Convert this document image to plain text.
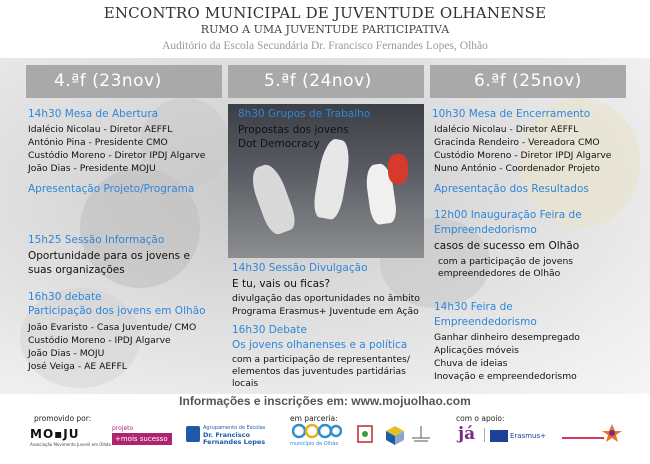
ENCONTRO MUNICIPAL DE JUVENTUDE OLHANENSE
RUMO A UMA JUVENTUDE PARTICIPATIVA
Auditório da Escola Secundária Dr. Francisco Fernandes Lopes, Olhão
4.ªf (23nov)	5.ªf (24nov)	6.ªf (25nov)
14h30 Mesa de Abertura
Idalécio Nicolau - Diretor AEFFL
António Pina - Presidente CMO
Custódio Moreno - Diretor IPDJ Algarve
João Dias - Presidente MOJU
Apresentação Projeto/Programa
15h25 Sessão Informação
Oportunidade para os jovens e
suas organizações
16h30 debate
Participação dos jovens em Olhão
João Evaristo - Casa Juventude/ CMO
Custódio Moreno - IPDJ Algarve
João Dias - MOJU
José Veiga - AE AEFFL
8h30 Grupos de Trabalho
Propostas dos jovens
Dot Democracy
14h30 Sessão Divulgação
E tu, vais ou ficas?
divulgação das oportunidades no âmbito
Programa Erasmus+ Juventude em Ação
16h30 Debate
Os jovens olhanenses e a política
com a participação de representantes/
elementos das juventudes partidárias
locais
10h30 Mesa de Encerramento
Idalécio Nicolau - Diretor AEFFL
Gracinda Rendeiro - Vereadora CMO
Custódio Moreno - Diretor IPDJ Algarve
Nuno António - Coordenador Projeto
Apresentação dos Resultados
12h00 Inauguração Feira de
Empreendedorismo
casos de sucesso em Olhão
com a participação de jovens
empreendedores de Olhão
14h30 Feira de
Empreendedorismo
Ganhar dinheiro desempregado
Aplicações móveis
Chuva de ideias
Inovação e empreendedorismo
Informações e inscrições em: www.mojuolhao.com
promovido por:	em parceria:	com o apoio:
MO▪JU
Associação Movimento Juvenil em Olhão
projeto
+mois sucesso
Agrupamento de Escolas
Dr. Francisco
Fernandes Lopes	município de Olhão	já	Erasmus+
